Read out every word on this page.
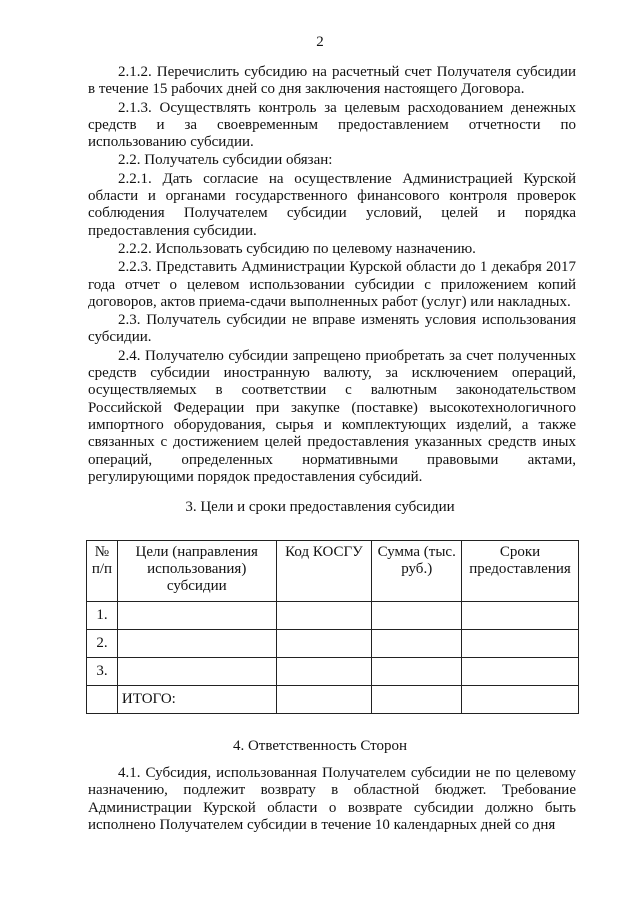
2

2.1.2. Перечислить субсидию на расчетный счет Получателя субсидии в течение 15 рабочих дней со дня заключения настоящего Договора.

2.1.3. Осуществлять контроль за целевым расходованием денежных средств и за своевременным предоставлением отчетности по использованию субсидии.

2.2. Получатель субсидии обязан:

2.2.1. Дать согласие на осуществление Администрацией Курской области и органами государственного финансового контроля проверок соблюдения Получателем субсидии условий, целей и порядка предоставления субсидии.

2.2.2. Использовать субсидию по целевому назначению.

2.2.3. Представить Администрации Курской области до 1 декабря 2017 года отчет о целевом использовании субсидии с приложением копий договоров, актов приема-сдачи выполненных работ (услуг) или накладных.

2.3. Получатель субсидии не вправе изменять условия использования субсидии.

2.4. Получателю субсидии запрещено приобретать за счет полученных средств субсидии иностранную валюту, за исключением операций, осуществляемых в соответствии с валютным законодательством Российской Федерации при закупке (поставке) высокотехнологичного импортного оборудования, сырья и комплектующих изделий, а также связанных с достижением целей предоставления указанных средств иных операций, определенных нормативными правовыми актами, регулирующими порядок предоставления субсидий.

3. Цели и сроки предоставления субсидии
№ п/п	Цели (направления использования) субсидии	Код КОСГУ	Сумма (тыс. руб.)	Сроки предоставления
1.				
2.				
3.				
	ИТОГО:			
4. Ответственность Сторон

4.1. Субсидия, использованная Получателем субсидии не по целевому назначению, подлежит возврату в областной бюджет. Требование Администрации Курской области о возврате субсидии должно быть исполнено Получателем субсидии в течение 10 календарных дней со дня
